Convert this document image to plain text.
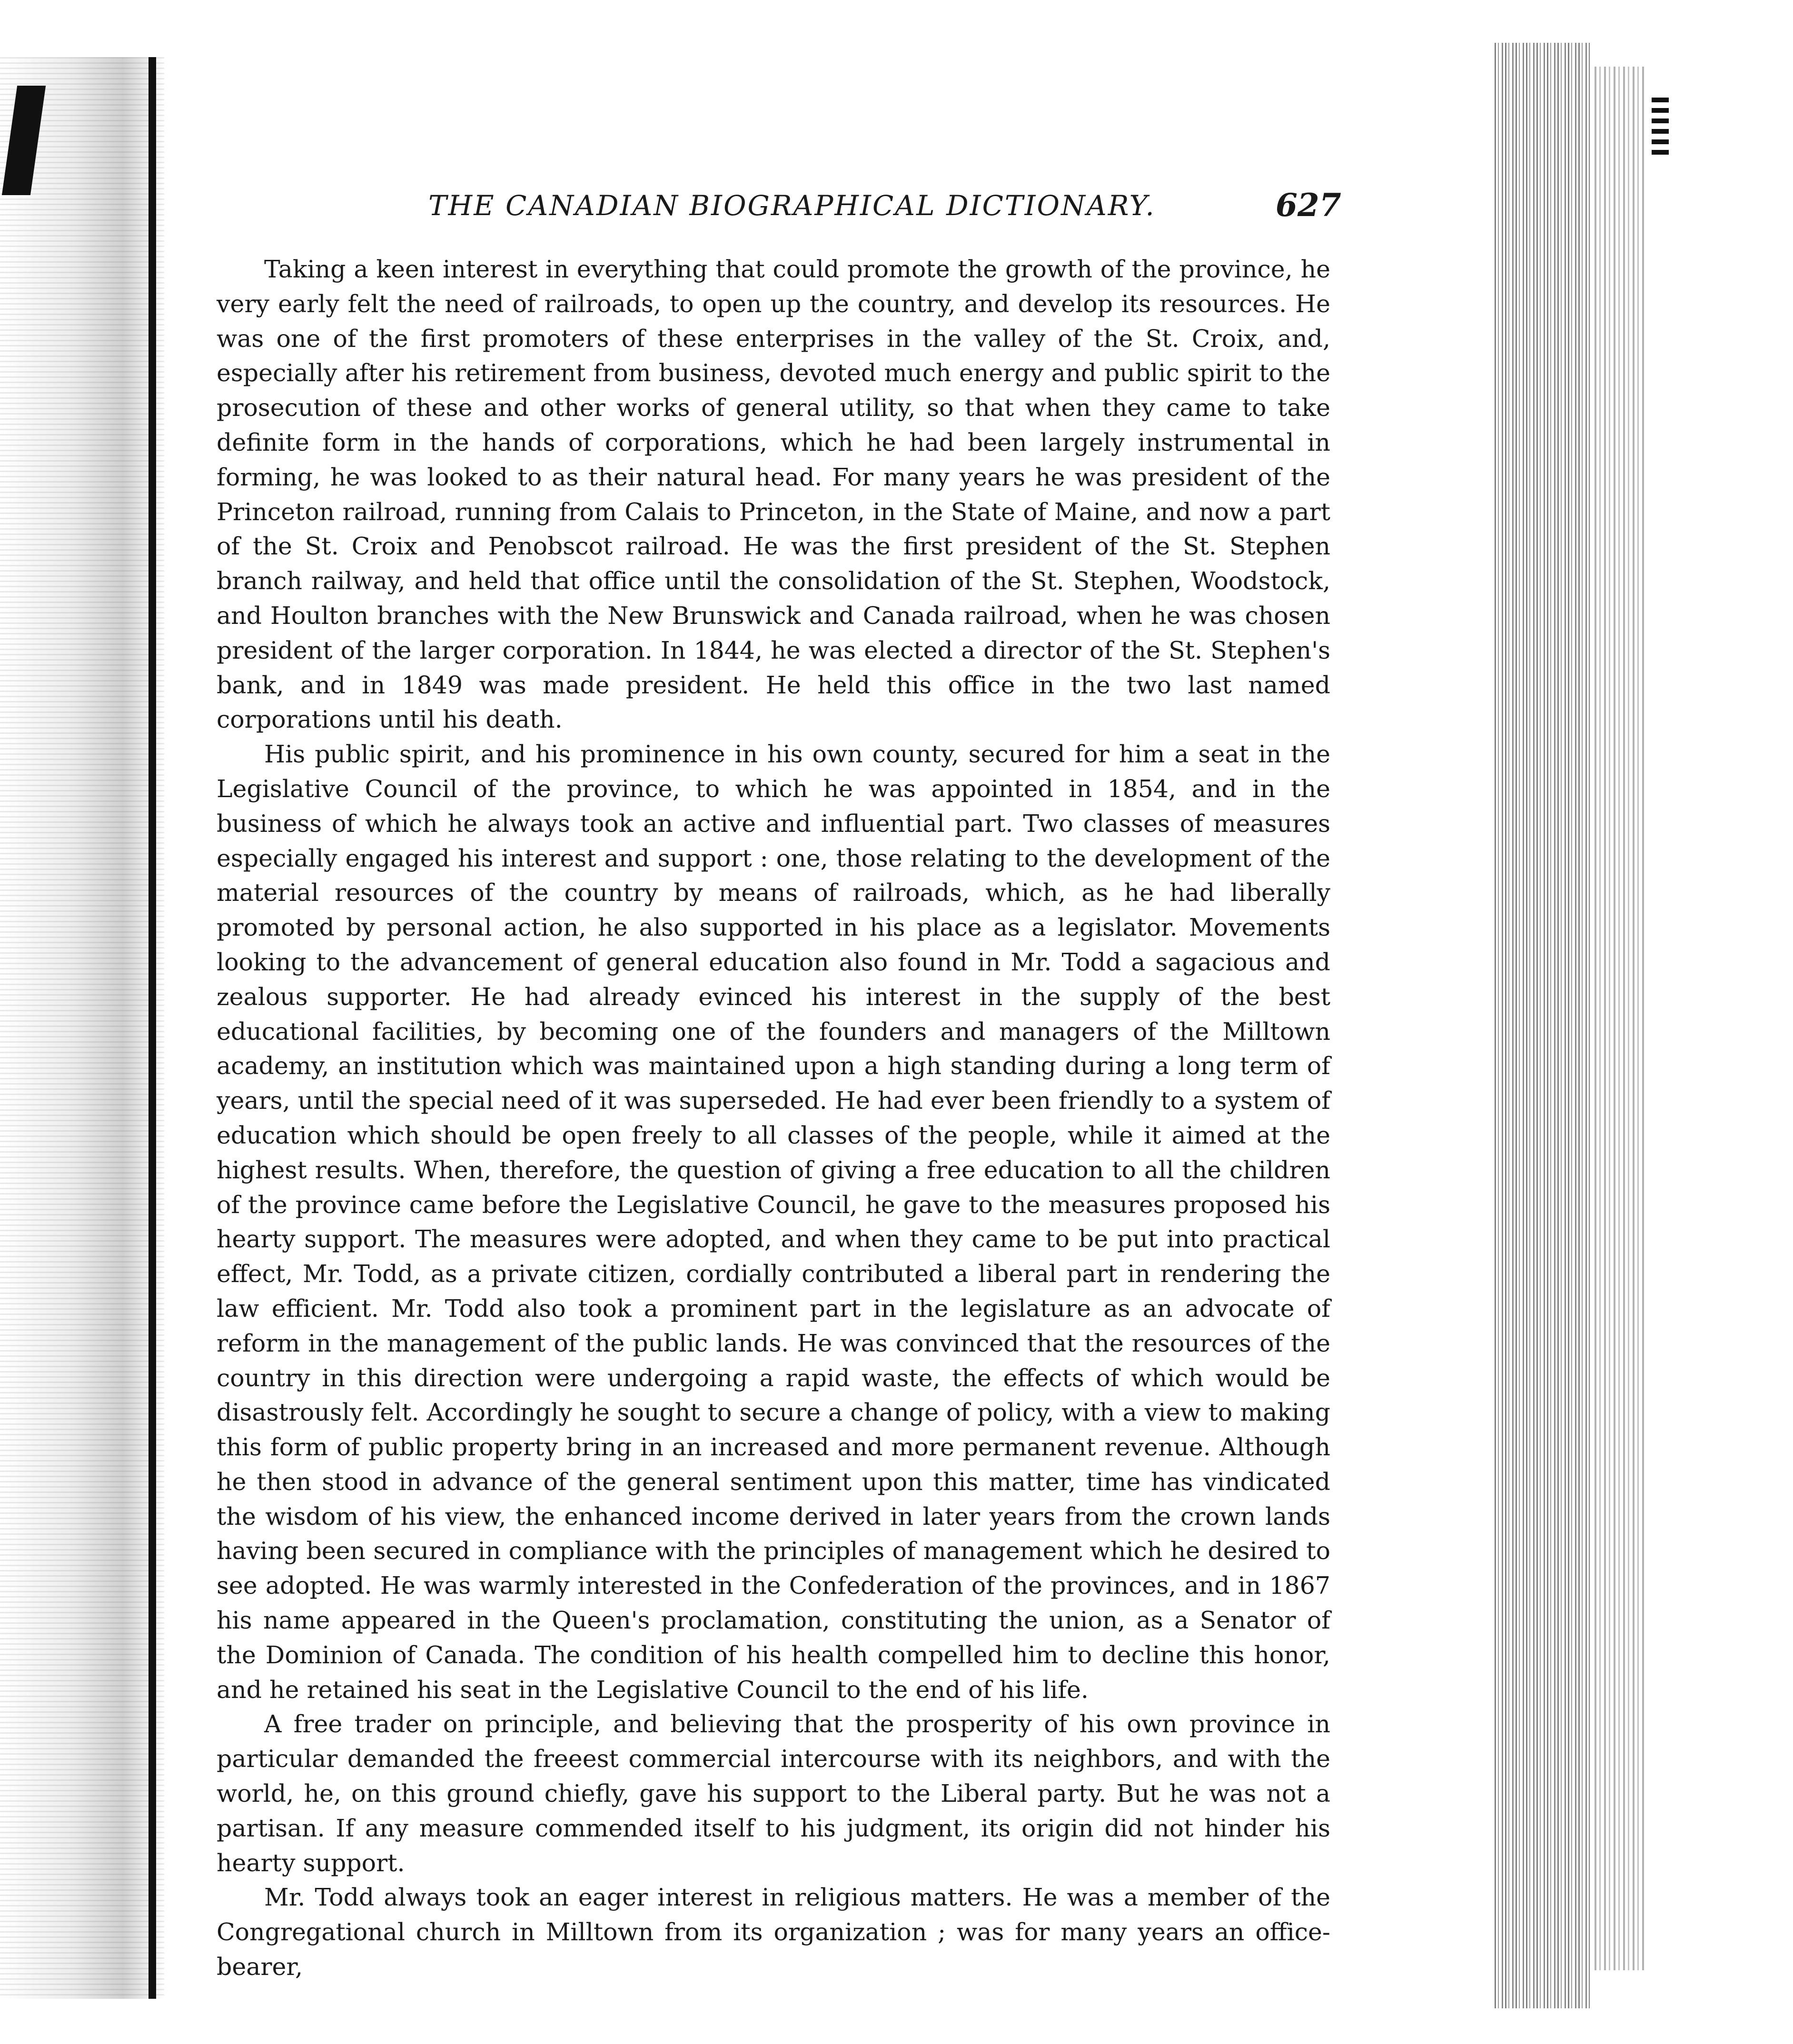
THE CANADIAN BIOGRAPHICAL DICTIONARY.	627

Taking a keen interest in everything that could promote the growth of the province, he very early felt the need of railroads, to open up the country, and develop its resources. He was one of the first promoters of these enterprises in the valley of the St. Croix, and, especially after his retirement from business, devoted much energy and public spirit to the prosecution of these and other works of general utility, so that when they came to take definite form in the hands of corporations, which he had been largely instrumental in forming, he was looked to as their natural head. For many years he was president of the Princeton railroad, running from Calais to Princeton, in the State of Maine, and now a part of the St. Croix and Penobscot railroad. He was the first president of the St. Stephen branch railway, and held that office until the consolidation of the St. Stephen, Woodstock, and Houlton branches with the New Brunswick and Canada railroad, when he was chosen president of the larger corporation. In 1844, he was elected a director of the St. Stephen's bank, and in 1849 was made president. He held this office in the two last named corporations until his death.

His public spirit, and his prominence in his own county, secured for him a seat in the Legislative Council of the province, to which he was appointed in 1854, and in the business of which he always took an active and influential part. Two classes of measures especially engaged his interest and support : one, those relating to the development of the material resources of the country by means of railroads, which, as he had liberally promoted by personal action, he also supported in his place as a legislator. Movements looking to the advancement of general education also found in Mr. Todd a sagacious and zealous supporter. He had already evinced his interest in the supply of the best educational facilities, by becoming one of the founders and managers of the Milltown academy, an institution which was maintained upon a high standing during a long term of years, until the special need of it was superseded. He had ever been friendly to a system of education which should be open freely to all classes of the people, while it aimed at the highest results. When, therefore, the question of giving a free education to all the children of the province came before the Legislative Council, he gave to the measures proposed his hearty support. The measures were adopted, and when they came to be put into practical effect, Mr. Todd, as a private citizen, cordially contributed a liberal part in rendering the law efficient. Mr. Todd also took a prominent part in the legislature as an advocate of reform in the management of the public lands. He was convinced that the resources of the country in this direction were undergoing a rapid waste, the effects of which would be disastrously felt. Accordingly he sought to secure a change of policy, with a view to making this form of public property bring in an increased and more permanent revenue. Although he then stood in advance of the general sentiment upon this matter, time has vindicated the wisdom of his view, the enhanced income derived in later years from the crown lands having been secured in compliance with the principles of management which he desired to see adopted. He was warmly interested in the Confederation of the provinces, and in 1867 his name appeared in the Queen's proclamation, constituting the union, as a Senator of the Dominion of Canada. The condition of his health compelled him to decline this honor, and he retained his seat in the Legislative Council to the end of his life.

A free trader on principle, and believing that the prosperity of his own province in particular demanded the freeest commercial intercourse with its neighbors, and with the world, he, on this ground chiefly, gave his support to the Liberal party. But he was not a partisan. If any measure commended itself to his judgment, its origin did not hinder his hearty support.

Mr. Todd always took an eager interest in religious matters. He was a member of the Congregational church in Milltown from its organization ; was for many years an office-bearer,
